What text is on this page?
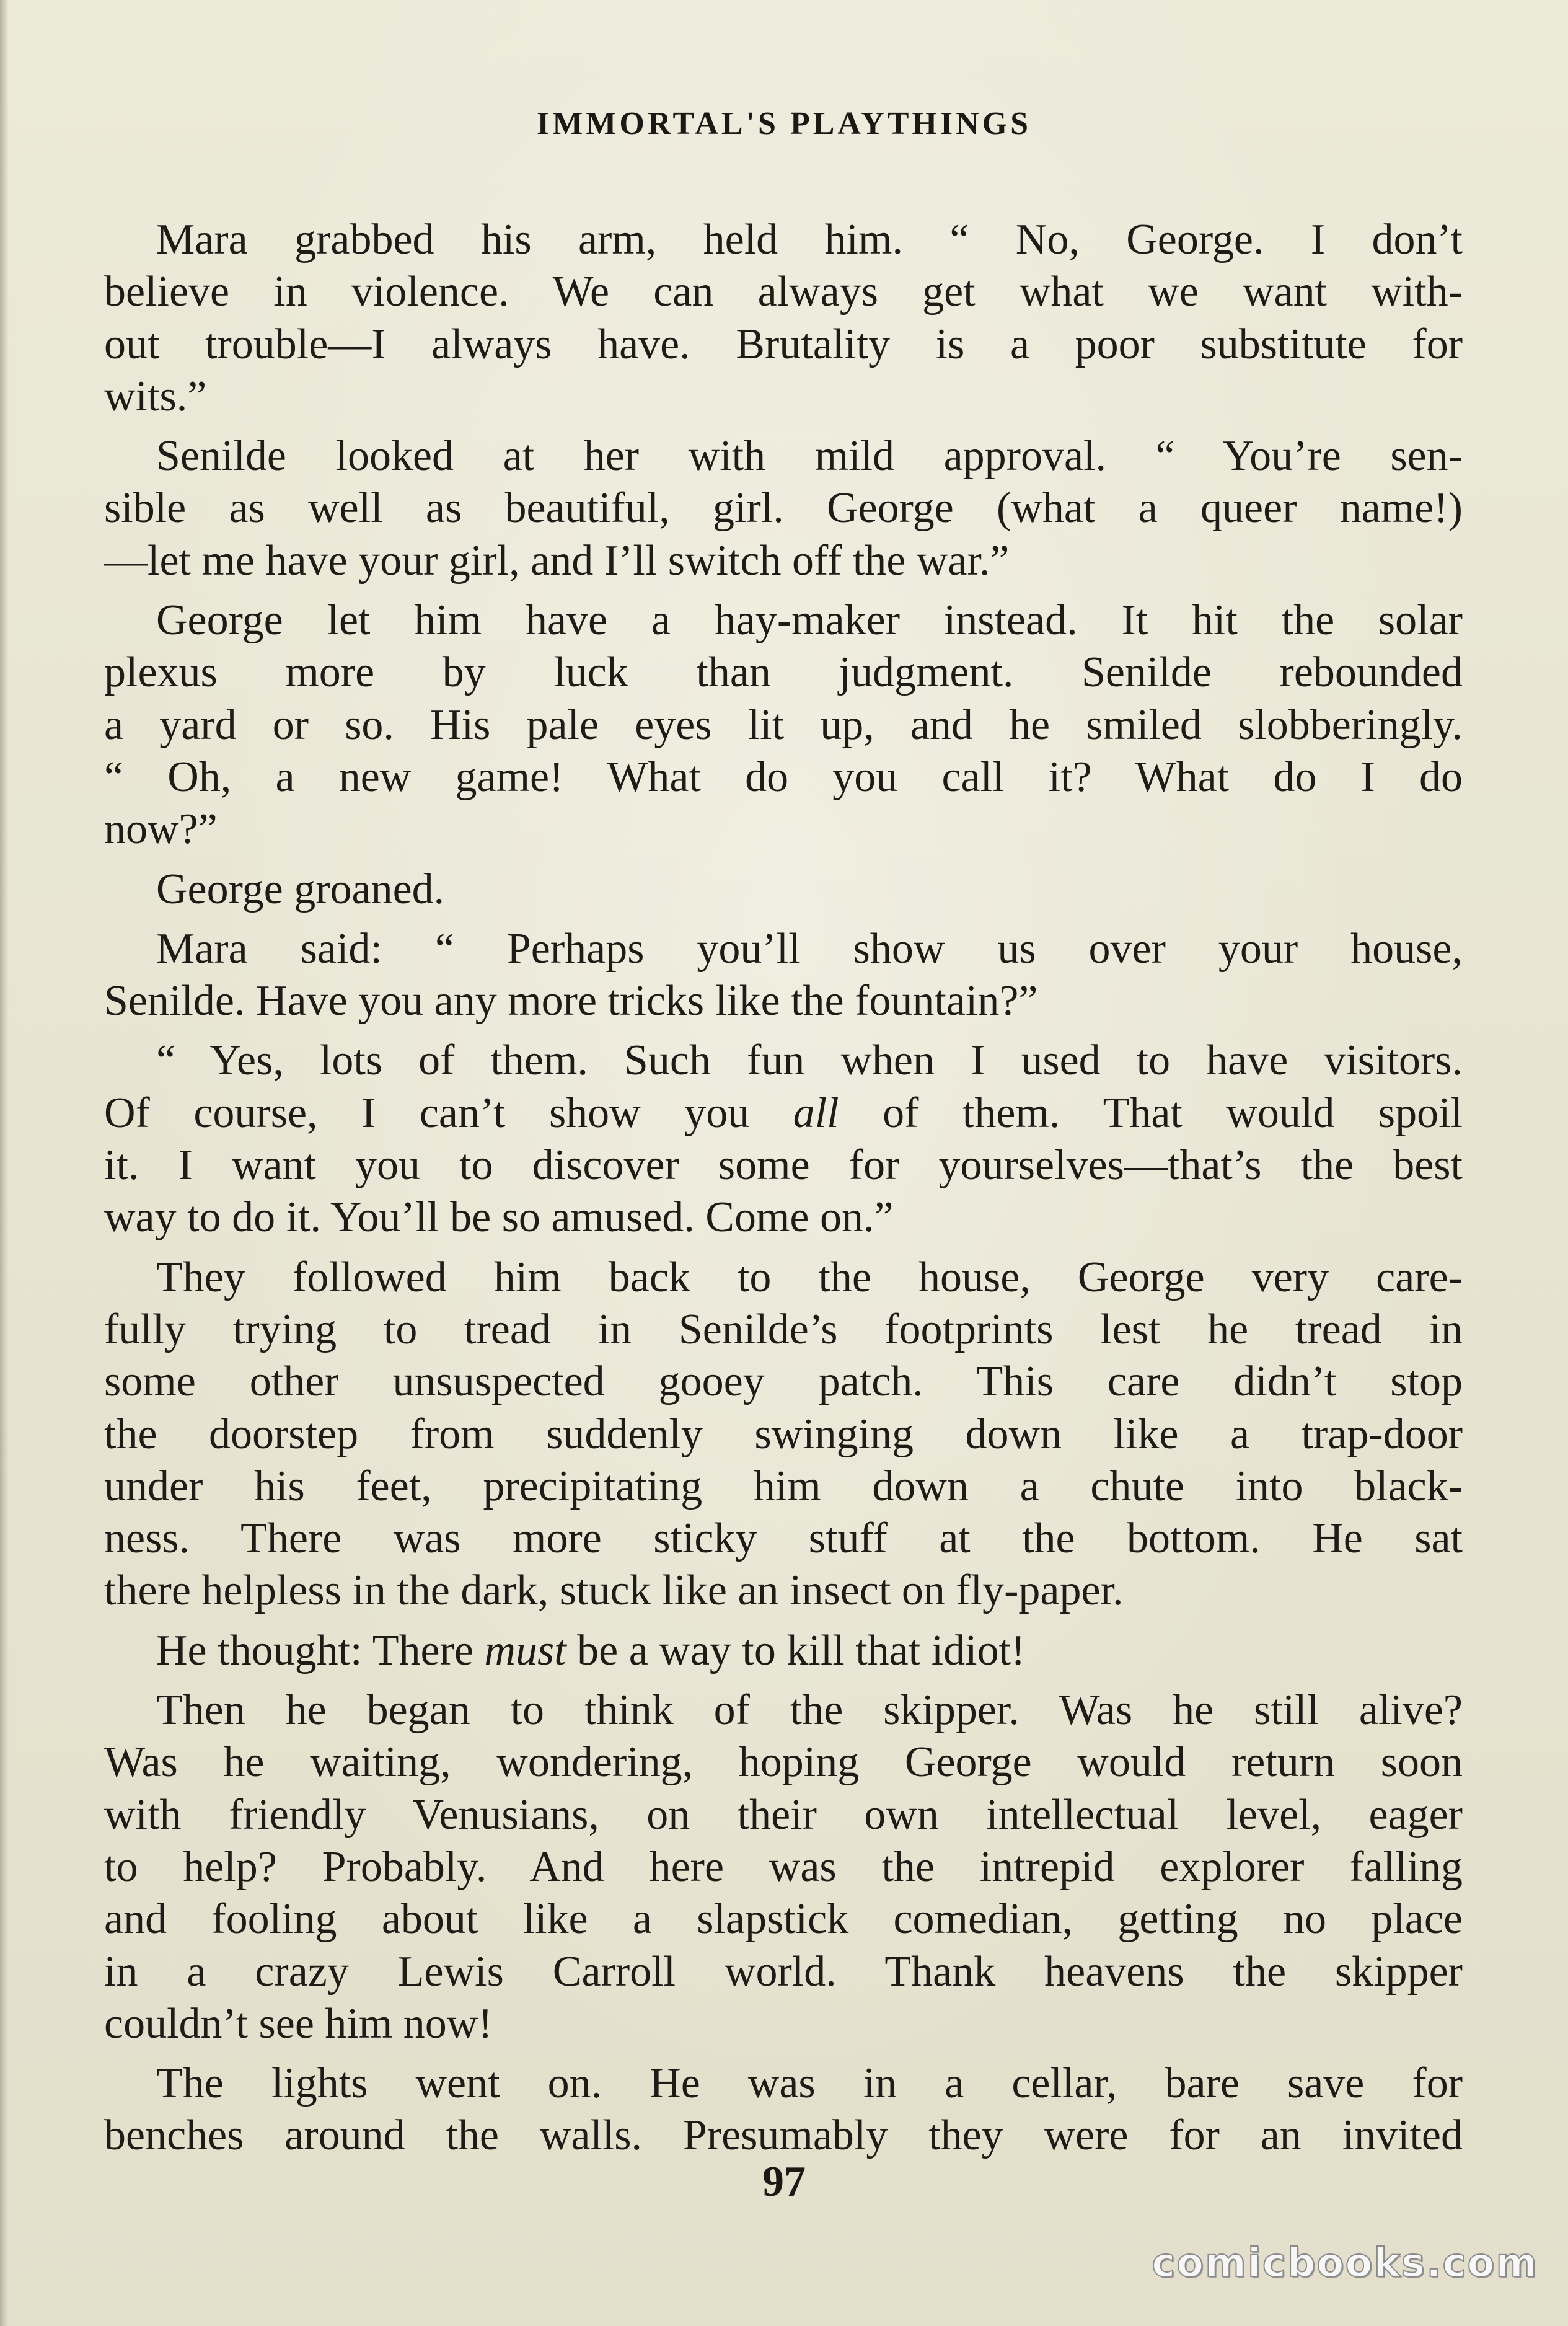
IMMORTAL'S PLAYTHINGS
Mara grabbed his arm, held him. “ No, George. I don’t
believe in violence. We can always get what we want with-
out trouble—I always have. Brutality is a poor substitute for
wits.”
Senilde looked at her with mild approval. “ You’re sen-
sible as well as beautiful, girl. George (what a queer name!)
—let me have your girl, and I’ll switch off the war.”
George let him have a hay-maker instead. It hit the solar
plexus more by luck than judgment. Senilde rebounded
a yard or so. His pale eyes lit up, and he smiled slobberingly.
“ Oh, a new game! What do you call it? What do I do
now?”
George groaned.
Mara said: “ Perhaps you’ll show us over your house,
Senilde. Have you any more tricks like the fountain?”
“ Yes, lots of them. Such fun when I used to have visitors.
Of course, I can’t show you all of them. That would spoil
it. I want you to discover some for yourselves—that’s the best
way to do it. You’ll be so amused. Come on.”
They followed him back to the house, George very care-
fully trying to tread in Senilde’s footprints lest he tread in
some other unsuspected gooey patch. This care didn’t stop
the doorstep from suddenly swinging down like a trap-door
under his feet, precipitating him down a chute into black-
ness. There was more sticky stuff at the bottom. He sat
there helpless in the dark, stuck like an insect on fly-paper.
He thought: There must be a way to kill that idiot!
Then he began to think of the skipper. Was he still alive?
Was he waiting, wondering, hoping George would return soon
with friendly Venusians, on their own intellectual level, eager
to help? Probably. And here was the intrepid explorer falling
and fooling about like a slapstick comedian, getting no place
in a crazy Lewis Carroll world. Thank heavens the skipper
couldn’t see him now!
The lights went on. He was in a cellar, bare save for
benches around the walls. Presumably they were for an invited
97
comicbooks.com
